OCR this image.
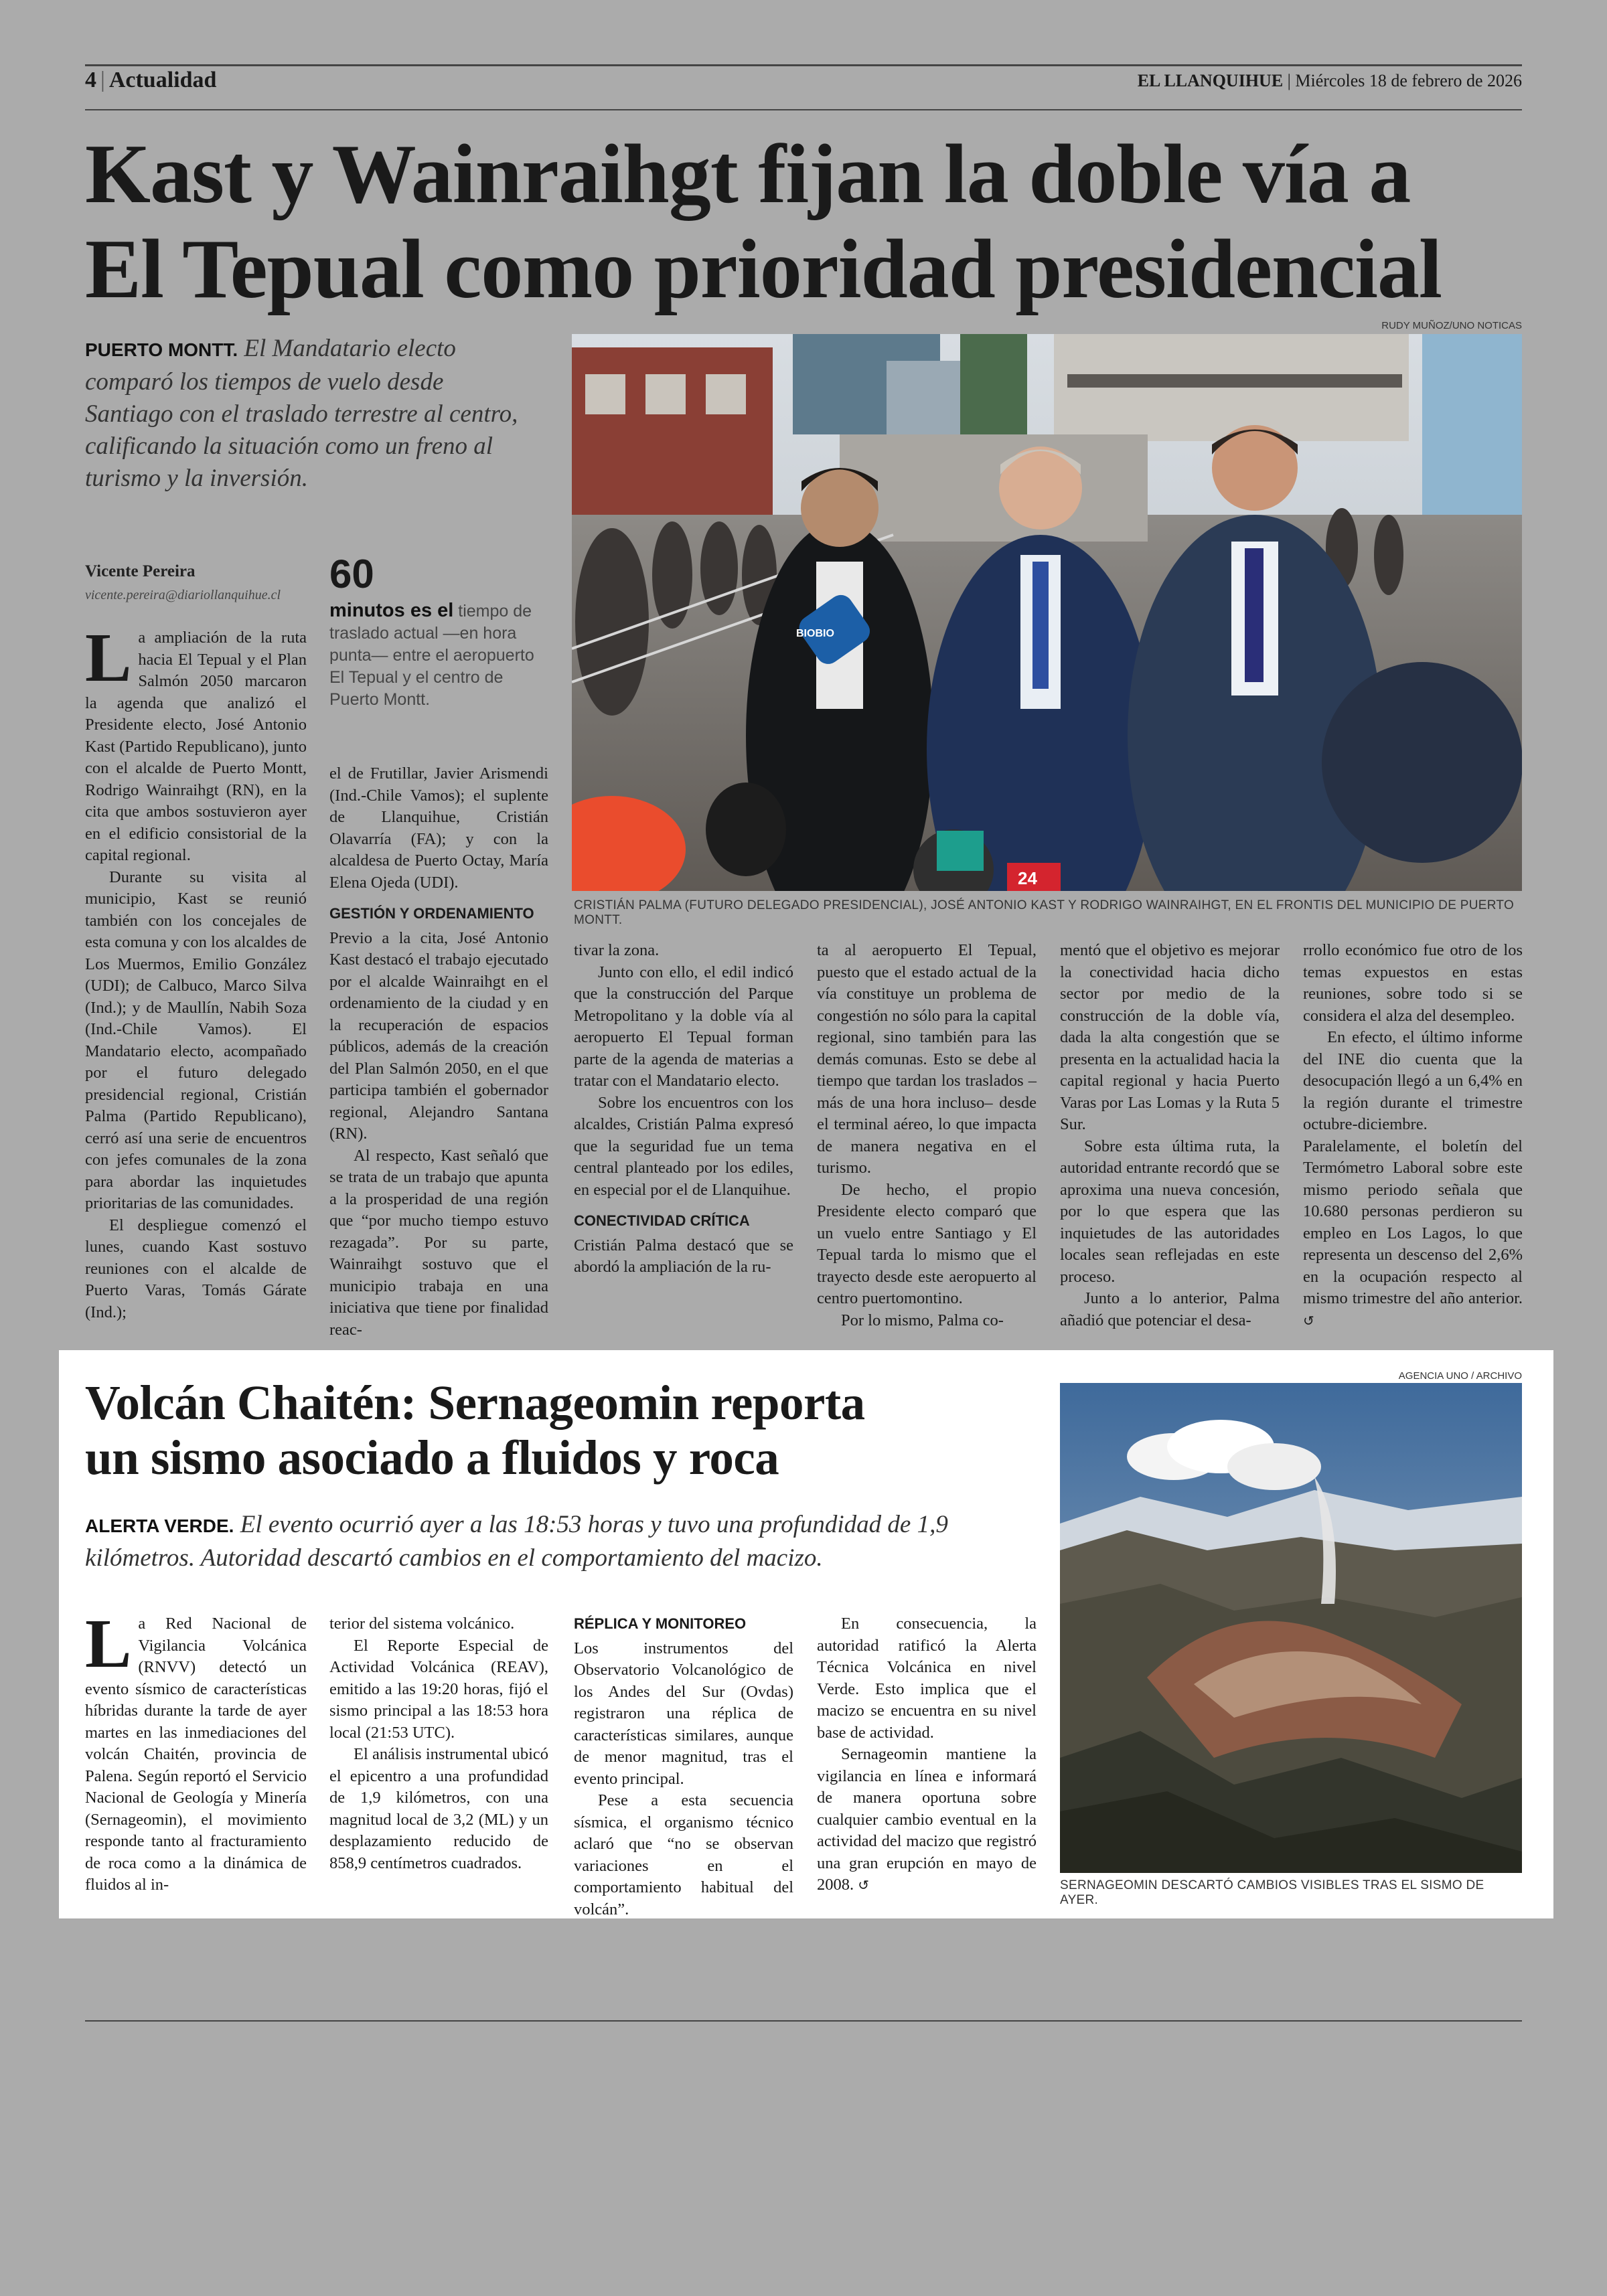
4 | Actualidad	EL LLANQUIHUE | Miércoles 18 de febrero de 2026
Kast y Wainraihgt fijan la doble vía a
El Tepual como prioridad presidencial
RUDY MUÑOZ/UNO NOTICAS
PUERTO MONTT. El Mandatario electo comparó los tiempos de vuelo desde Santiago con el traslado terrestre al centro, calificando la situación como un freno al turismo y la inversión.
BIOBIO
24
CRISTIÁN PALMA (FUTURO DELEGADO PRESIDENCIAL), JOSÉ ANTONIO KAST Y RODRIGO WAINRAIHGT, EN EL FRONTIS DEL MUNICIPIO DE PUERTO MONTT.
Vicente Pereira
vicente.pereira@diariollanquihue.cl	60
minutos es el tiempo de traslado actual —en hora punta— entre el aeropuerto El Tepual y el centro de Puerto Montt.

La ampliación de la ruta hacia El Tepual y el Plan Salmón 2050 marcaron la agenda que analizó el Presidente electo, José Antonio Kast (Partido Republicano), junto con el alcalde de Puerto Montt, Rodrigo Wainraihgt (RN), en la cita que ambos sostuvieron ayer en el edificio consistorial de la capital regional.

Durante su visita al municipio, Kast se reunió también con los concejales de esta comuna y con los alcaldes de Los Muermos, Emilio González (UDI); de Calbuco, Marco Silva (Ind.); y de Maullín, Nabih Soza (Ind.-Chile Vamos). El Mandatario electo, acompañado por el futuro delegado presidencial regional, Cristián Palma (Partido Republicano), cerró así una serie de encuentros con jefes comunales de la zona para abordar las inquietudes prioritarias de las comunidades.

El despliegue comenzó el lunes, cuando Kast sostuvo reuniones con el alcalde de Puerto Varas, Tomás Gárate (Ind.);

el de Frutillar, Javier Arismendi (Ind.-Chile Vamos); el suplente de Llanquihue, Cristián Olavarría (FA); y con la alcaldesa de Puerto Octay, María Elena Ojeda (UDI).

GESTIÓN Y ORDENAMIENTO

Previo a la cita, José Antonio Kast destacó el trabajo ejecutado por el alcalde Wainraihgt en el ordenamiento de la ciudad y en la recuperación de espacios públicos, además de la creación del Plan Salmón 2050, en el que participa también el gobernador regional, Alejandro Santana (RN).

Al respecto, Kast señaló que se trata de un trabajo que apunta a la prosperidad de una región que “por mucho tiempo estuvo rezagada”. Por su parte, Wainraihgt sostuvo que el municipio trabaja en una iniciativa que tiene por finalidad reac-

tivar la zona.

Junto con ello, el edil indicó que la construcción del Parque Metropolitano y la doble vía al aeropuerto El Tepual forman parte de la agenda de materias a tratar con el Mandatario electo.

Sobre los encuentros con los alcaldes, Cristián Palma expresó que la seguridad fue un tema central planteado por los ediles, en especial por el de Llanquihue.

CONECTIVIDAD CRÍTICA

Cristián Palma destacó que se abordó la ampliación de la ru-

ta al aeropuerto El Tepual, puesto que el estado actual de la vía constituye un problema de congestión no sólo para la capital regional, sino también para las demás comunas. Esto se debe al tiempo que tardan los traslados –más de una hora incluso– desde el terminal aéreo, lo que impacta de manera negativa en el turismo.

De hecho, el propio Presidente electo comparó que un vuelo entre Santiago y El Tepual tarda lo mismo que el trayecto desde este aeropuerto al centro puertomontino.

Por lo mismo, Palma co-

mentó que el objetivo es mejorar la conectividad hacia dicho sector por medio de la construcción de la doble vía, dada la alta congestión que se presenta en la actualidad hacia la capital regional y hacia Puerto Varas por Las Lomas y la Ruta 5 Sur.

Sobre esta última ruta, la autoridad entrante recordó que se aproxima una nueva concesión, por lo que espera que las inquietudes de las autoridades locales sean reflejadas en este proceso.

Junto a lo anterior, Palma añadió que potenciar el desa-

rrollo económico fue otro de los temas expuestos en estas reuniones, sobre todo si se considera el alza del desempleo.

En efecto, el último informe del INE dio cuenta que la desocupación llegó a un 6,4% en la región durante el trimestre octubre-diciembre. Paralelamente, el boletín del Termómetro Laboral sobre este mismo periodo señala que 10.680 personas perdieron su empleo en Los Lagos, lo que representa un descenso del 2,6% en la ocupación respecto al mismo trimestre del año anterior. ↺

Volcán Chaitén: Sernageomin reporta
un sismo asociado a fluidos y roca
ALERTA VERDE. El evento ocurrió ayer a las 18:53 horas y tuvo una profundidad de 1,9 kilómetros. Autoridad descartó cambios en el comportamiento del macizo.
AGENCIA UNO / ARCHIVO
SERNAGEOMIN DESCARTÓ CAMBIOS VISIBLES TRAS EL SISMO DE AYER.

La Red Nacional de Vigilancia Volcánica (RNVV) detectó un evento sísmico de características híbridas durante la tarde de ayer martes en las inmediaciones del volcán Chaitén, provincia de Palena. Según reportó el Servicio Nacional de Geología y Minería (Sernageomin), el movimiento responde tanto al fracturamiento de roca como a la dinámica de fluidos al in-

terior del sistema volcánico.

El Reporte Especial de Actividad Volcánica (REAV), emitido a las 19:20 horas, fijó el sismo principal a las 18:53 hora local (21:53 UTC).

El análisis instrumental ubicó el epicentro a una profundidad de 1,9 kilómetros, con una magnitud local de 3,2 (ML) y un desplazamiento reducido de 858,9 centímetros cuadrados.

RÉPLICA Y MONITOREO

Los instrumentos del Observatorio Volcanológico de los Andes del Sur (Ovdas) registraron una réplica de características similares, aunque de menor magnitud, tras el evento principal.

Pese a esta secuencia sísmica, el organismo técnico aclaró que “no se observan variaciones en el comportamiento habitual del volcán”.

En consecuencia, la autoridad ratificó la Alerta Técnica Volcánica en nivel Verde. Esto implica que el macizo se encuentra en su nivel base de actividad.

Sernageomin mantiene la vigilancia en línea e informará de manera oportuna sobre cualquier cambio eventual en la actividad del macizo que registró una gran erupción en mayo de 2008. ↺
